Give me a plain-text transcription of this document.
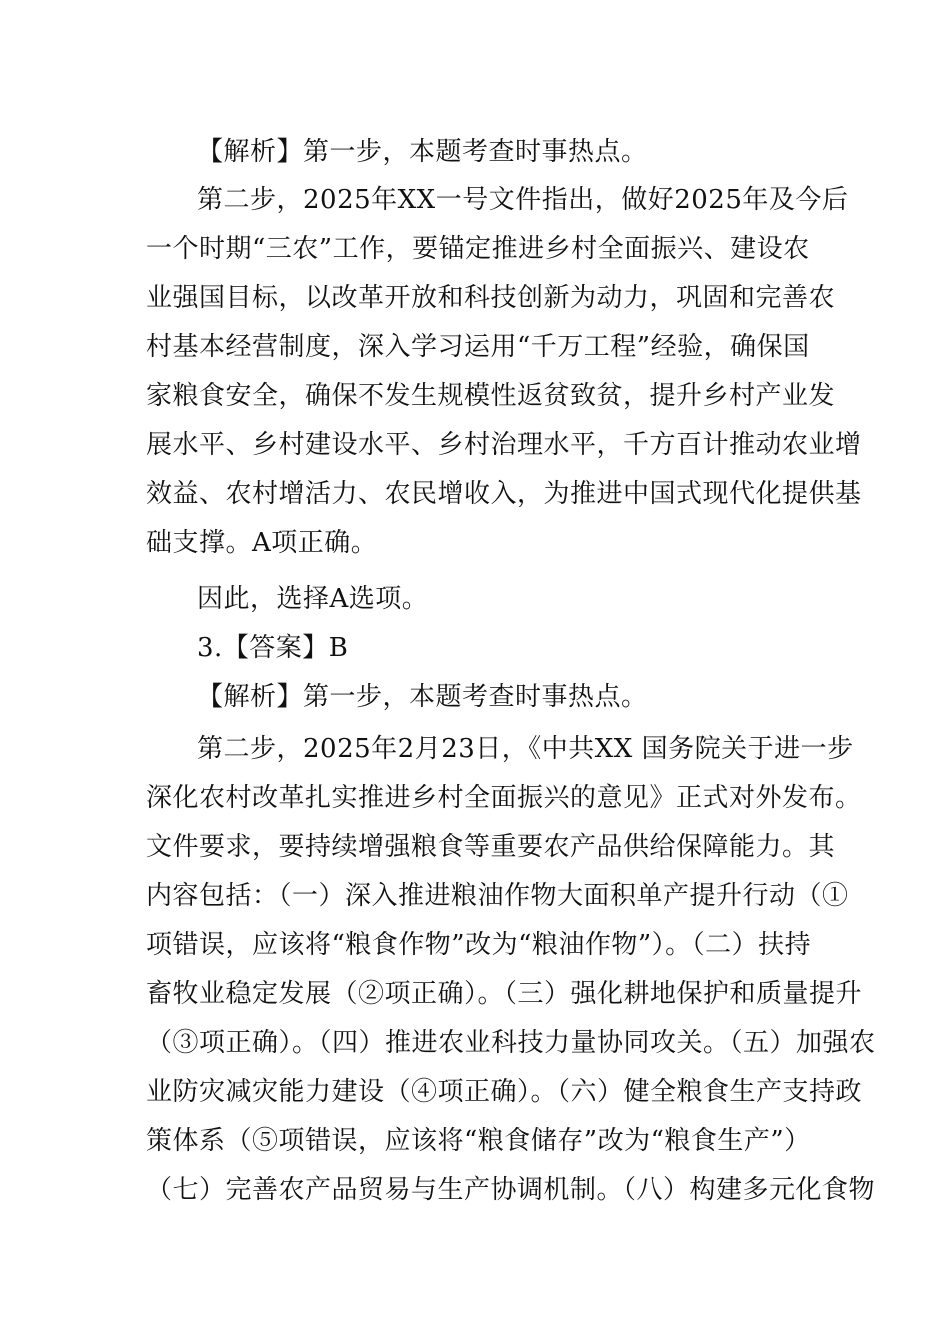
【解析】第一步，本题考查时事热点。
第二步，2025年XX一号文件指出，做好2025年及今后
一个时期“三农”工作，要锚定推进乡村全面振兴、建设农
业强国目标，以改革开放和科技创新为动力，巩固和完善农
村基本经营制度，深入学习运用“千万工程”经验，确保国
家粮食安全，确保不发生规模性返贫致贫，提升乡村产业发
展水平、乡村建设水平、乡村治理水平，千方百计推动农业增
效益、农村增活力、农民增收入，为推进中国式现代化提供基
础支撑。A项正确。
因此，选择A选项。
3.【答案】B
【解析】第一步，本题考查时事热点。
第二步，2025年2月23日，《中共XX 国务院关于进一步
深化农村改革扎实推进乡村全面振兴的意见》正式对外发布。
文件要求，要持续增强粮食等重要农产品供给保障能力。其
内容包括：（一）深入推进粮油作物大面积单产提升行动（①
项错误，应该将“粮食作物”改为“粮油作物”）。（二）扶持
畜牧业稳定发展（②项正确）。（三）强化耕地保护和质量提升
（③项正确）。（四）推进农业科技力量协同攻关。（五）加强农
业防灾减灾能力建设（④项正确）。（六）健全粮食生产支持政
策体系（⑤项错误，应该将“粮食储存”改为“粮食生产”）
（七）完善农产品贸易与生产协调机制。（八）构建多元化食物
